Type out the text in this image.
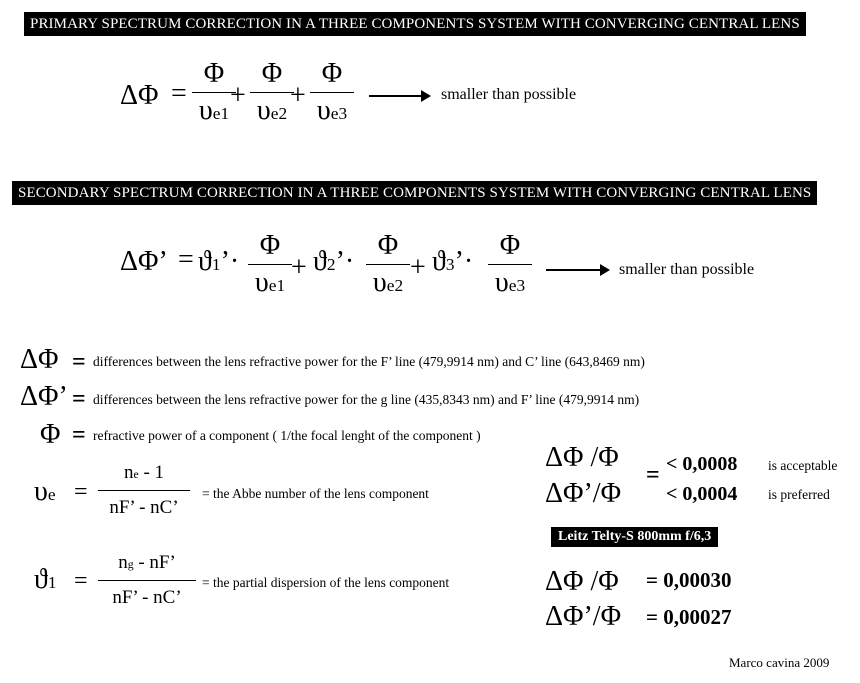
PRIMARY SPECTRUM CORRECTION IN A THREE COMPONENTS SYSTEM WITH CONVERGING CENTRAL LENS
ΔΦ =
Φ
υe1
+
Φ
υe2
+
Φ
υe3
smaller than possible
SECONDARY SPECTRUM CORRECTION IN A THREE COMPONENTS SYSTEM WITH CONVERGING CENTRAL LENS
ΔΦ’ = ϑ1’·
Φ
υe1
+ ϑ2’·
Φ
υe2
+ ϑ3’·
Φ
υe3
smaller than possible
ΔΦ = differences between the lens refractive power for the F’ line (479,9914 nm) and C’ line (643,8469 nm)
ΔΦ’ = differences between the lens refractive power for the g line (435,8343 nm) and F’ line (479,9914 nm)
Φ = refractive power of a component ( 1/the focal lenght of the component )
υe =
ne - 1
nF’ - nC’
= the Abbe number of the lens component
ϑ1 =
ng - nF’
nF’ - nC’
= the partial dispersion of the lens component
ΔΦ /Φ
ΔΦ’/Φ
= < 0,0008
< 0,0004
is acceptable
is preferred
Leitz Telty-S 800mm f/6,3
ΔΦ /Φ = 0,00030
ΔΦ’/Φ = 0,00027
Marco cavina 2009
